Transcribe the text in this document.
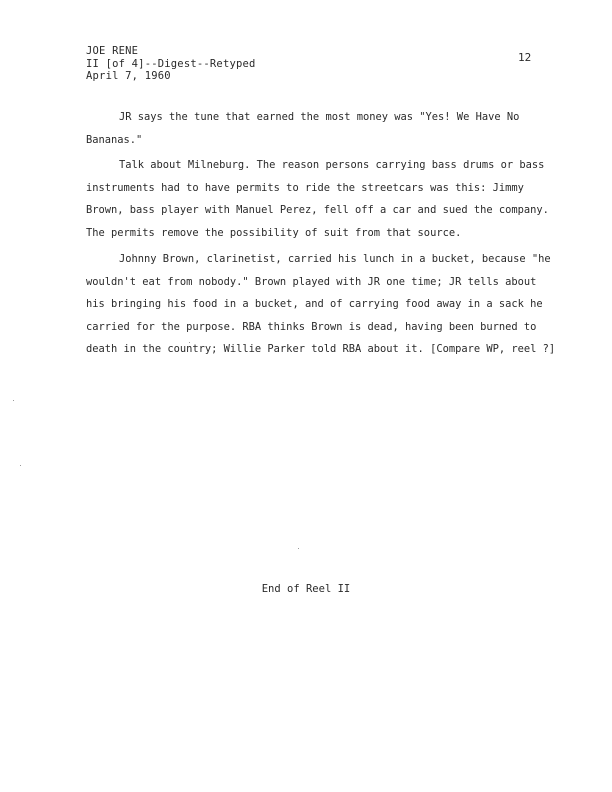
JOE RENE
II [of 4]--Digest--Retyped
April 7, 1960
12

JR says the tune that earned the most money was "Yes! We Have No Bananas."

Talk about Milneburg. The reason persons carrying bass drums or bass instruments had to have permits to ride the streetcars was this: Jimmy Brown, bass player with Manuel Perez, fell off a car and sued the company. The permits remove the possibility of suit from that source.

Johnny Brown, clarinetist, carried his lunch in a bucket, because "he wouldn't eat from nobody." Brown played with JR one time; JR tells about his bringing his food in a bucket, and of carrying food away in a sack he carried for the purpose. RBA thinks Brown is dead, having been burned to death in the country; Willie Parker told RBA about it. [Compare WP, reel ?]

End of Reel II
